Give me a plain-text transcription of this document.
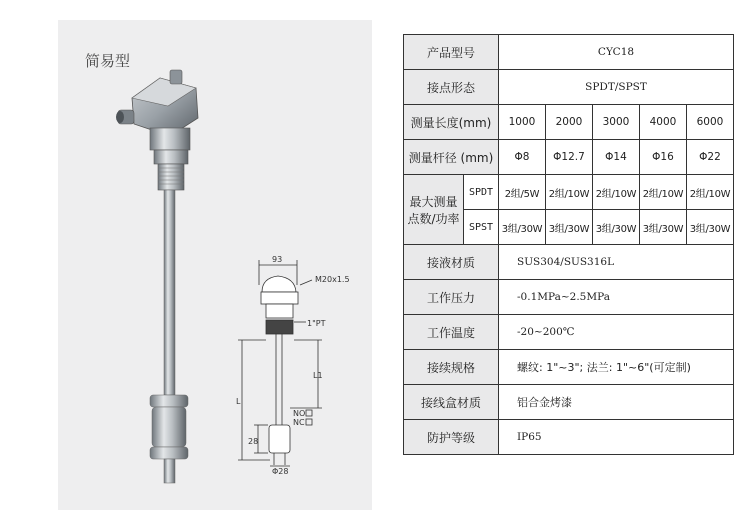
简易型
93
M20x1.5
1"PT
L
L1
28
Φ28
NO
NC
产品型号		CYC18				
接点形态		SPDT/SPST				
测量长度(mm)		1000	2000	3000	4000	6000
测量杆径 (mm)		Φ8	Φ12.7	Φ14	Φ16	Φ22
最大测量
点数/功率	SPDT	2组/5W	2组/10W	2组/10W	2组/10W	2组/10W
	SPST	3组/30W	3组/30W	3组/30W	3组/30W	3组/30W
接液材质		SUS304/SUS316L				
工作压力		-0.1MPa~2.5MPa				
工作温度		-20~200℃				
接续规格		螺纹: 1"~3"; 法兰: 1"~6"(可定制)				
接线盒材质		铝合金烤漆				
防护等级		IP65				
